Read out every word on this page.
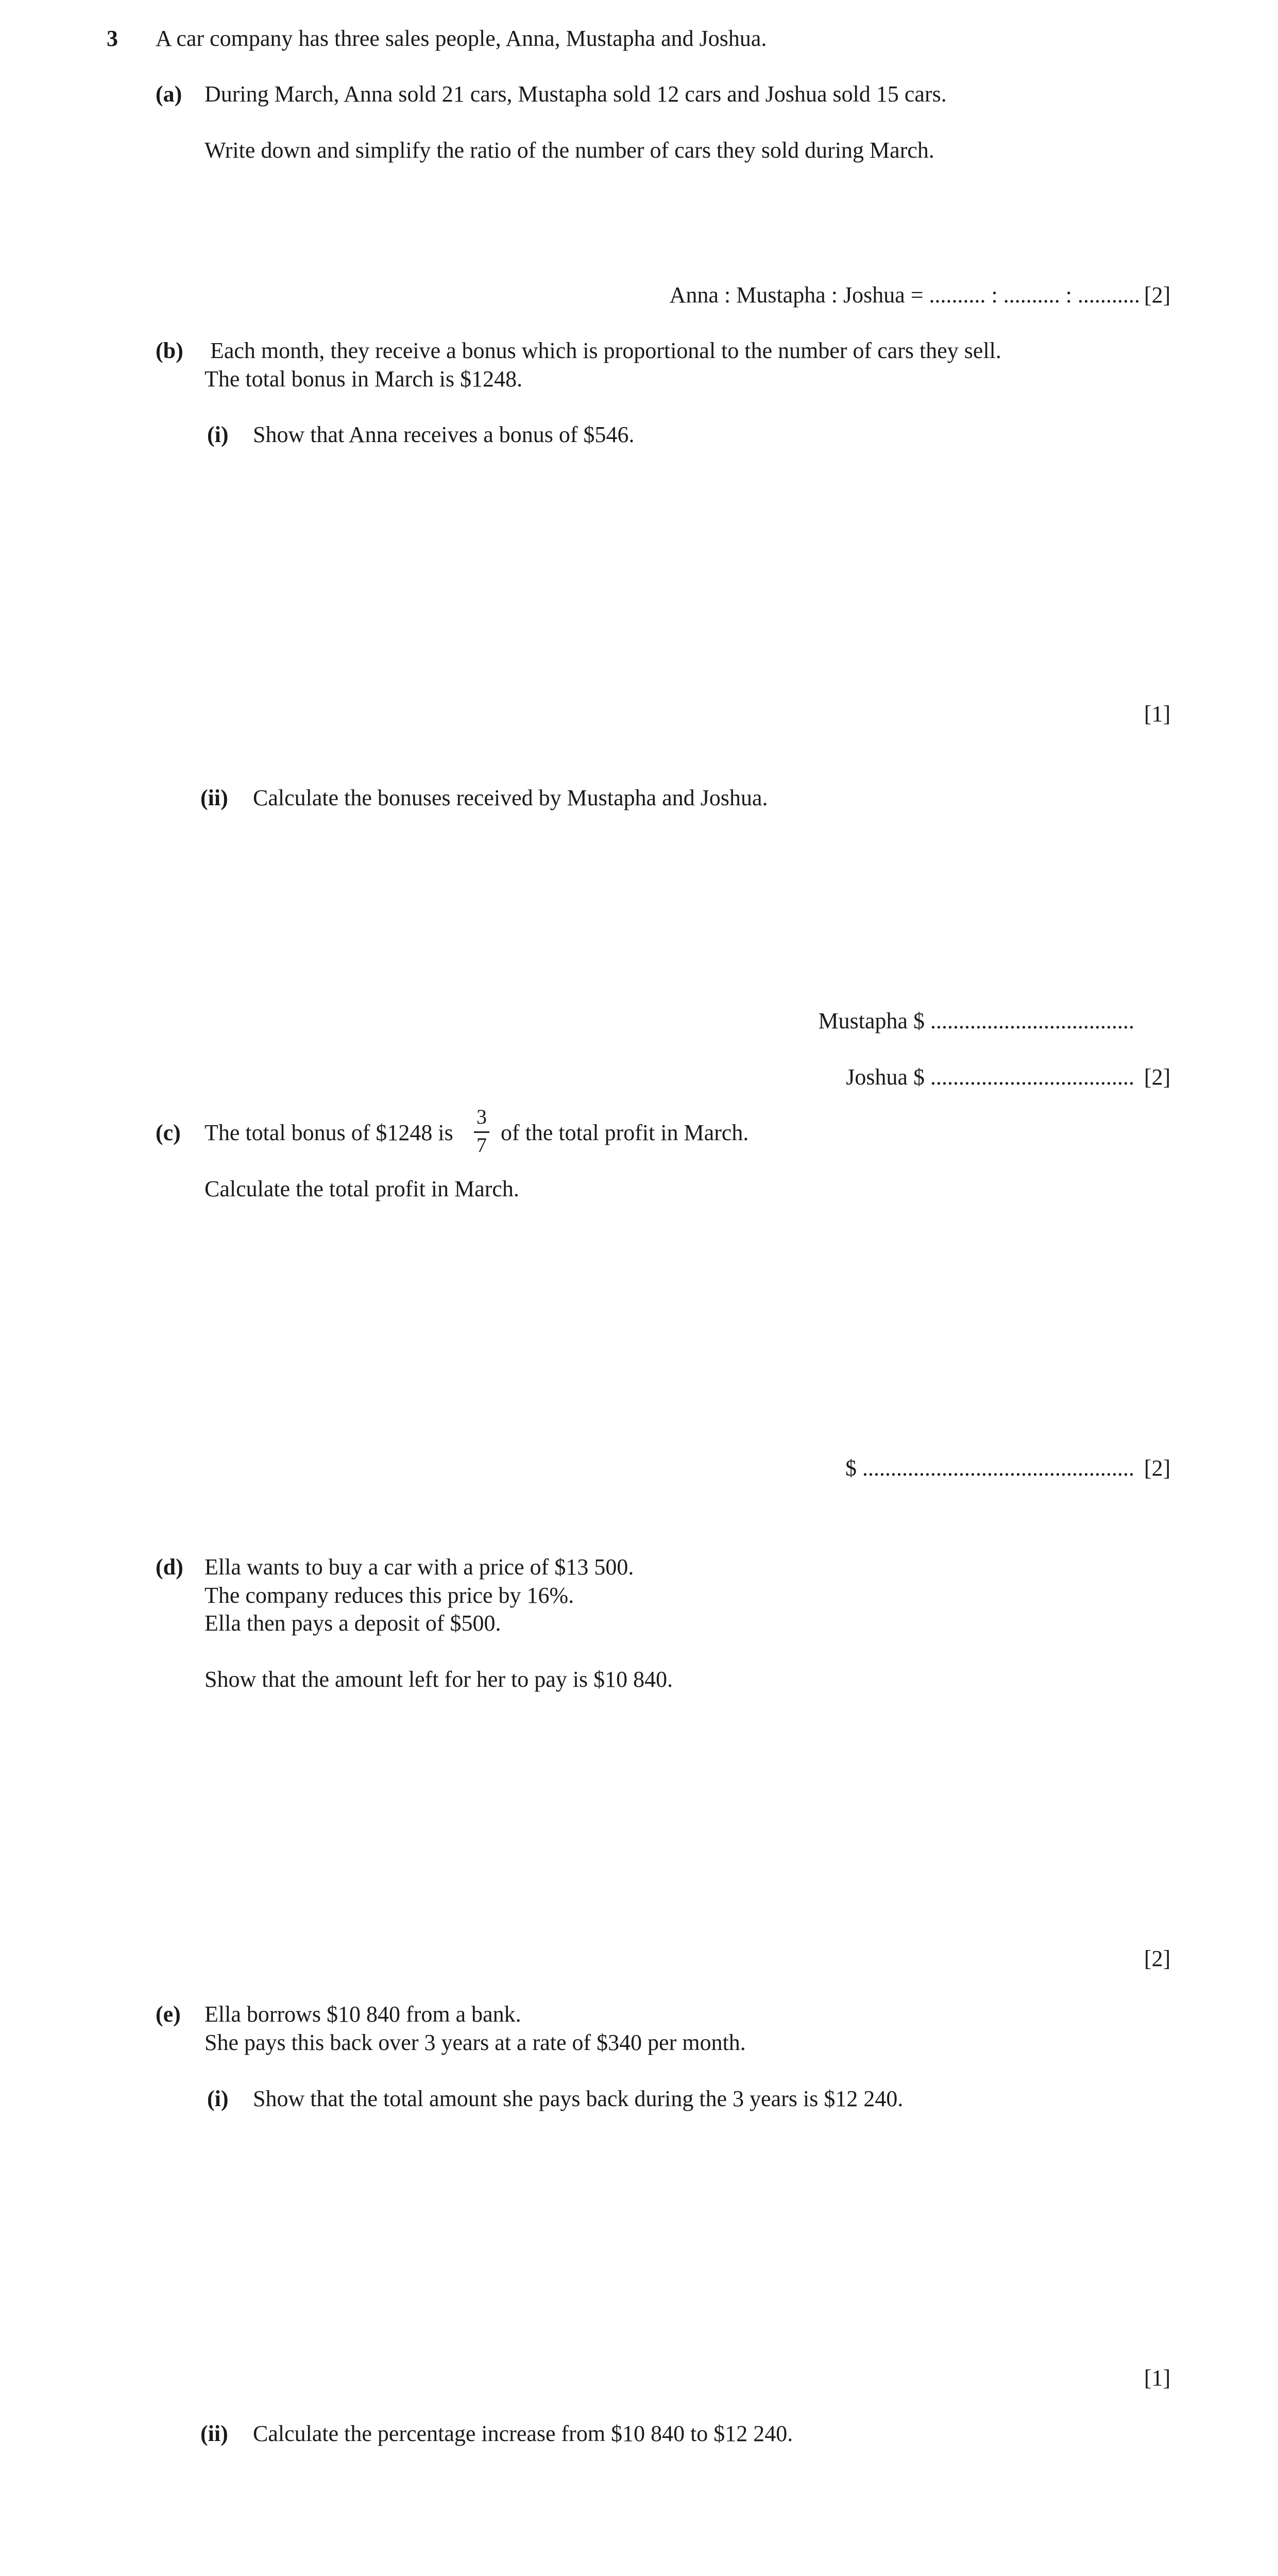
3 A car company has three sales people, Anna, Mustapha and Joshua.
(a) During March, Anna sold 21 cars, Mustapha sold 12 cars and Joshua sold 15 cars.
Write down and simplify the ratio of the number of cars they sold during March.
Anna : Mustapha : Joshua = .......... : .......... : ........... [2]
(b) Each month, they receive a bonus which is proportional to the number of cars they sell.
The total bonus in March is $1248.
(i) Show that Anna receives a bonus of $546.
[1]
(ii) Calculate the bonuses received by Mustapha and Joshua.
Mustapha $ ....................................
Joshua $ .................................... [2]
(c) The total bonus of $1248 is
3
7 of the total profit in March.
Calculate the total profit in March.
$ ................................................ [2]
(d) Ella wants to buy a car with a price of $13 500.
The company reduces this price by 16%.
Ella then pays a deposit of $500.
Show that the amount left for her to pay is $10 840.
[2]
(e) Ella borrows $10 840 from a bank.
She pays this back over 3 years at a rate of $340 per month.
(i) Show that the total amount she pays back during the 3 years is $12 240.
[1]
(ii) Calculate the percentage increase from $10 840 to $12 240.
